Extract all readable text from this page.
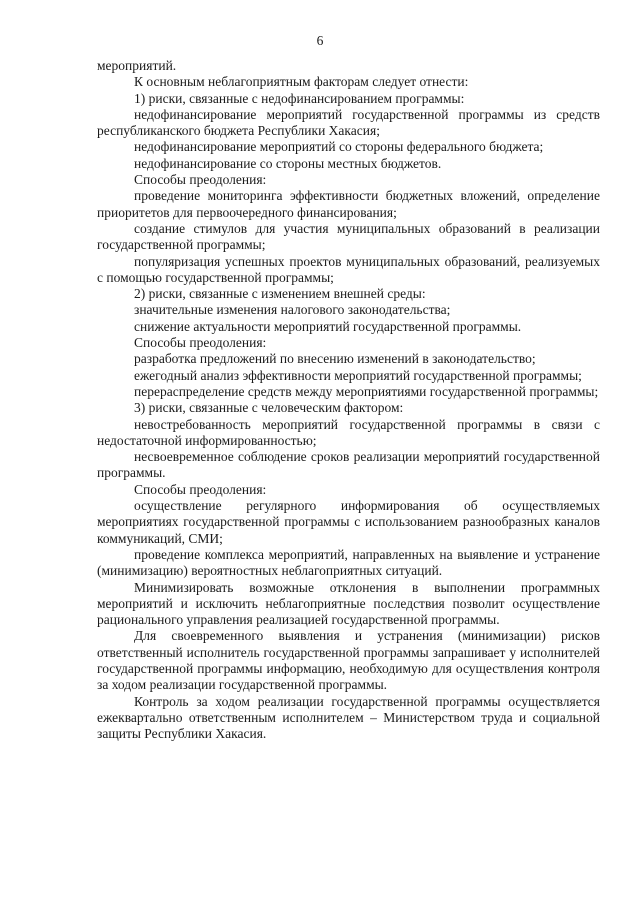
6

мероприятий.

К основным неблагоприятным факторам следует отнести:

1) риски, связанные с недофинансированием программы:

недофинансирование мероприятий государственной программы из средств республиканского бюджета Республики Хакасия;

недофинансирование мероприятий со стороны федерального бюджета;

недофинансирование со стороны местных бюджетов.

Способы преодоления:

проведение мониторинга эффективности бюджетных вложений, определение приоритетов для первоочередного финансирования;

создание стимулов для участия муниципальных образований в реализации государственной программы;

популяризация успешных проектов муниципальных образований, реализуемых с помощью государственной программы;

2) риски, связанные с изменением внешней среды:

значительные изменения налогового законодательства;

снижение актуальности мероприятий государственной программы.

Способы преодоления:

разработка предложений по внесению изменений в законодательство;

ежегодный анализ эффективности мероприятий государственной программы;

перераспределение средств между мероприятиями государственной программы;

3) риски, связанные с человеческим фактором:

невостребованность мероприятий государственной программы в связи с недостаточной информированностью;

несвоевременное соблюдение сроков реализации мероприятий государственной программы.

Способы преодоления:

осуществление регулярного информирования об осуществляемых мероприятиях государственной программы с использованием разнообразных каналов коммуникаций, СМИ;

проведение комплекса мероприятий, направленных на выявление и устранение (минимизацию) вероятностных неблагоприятных ситуаций.

Минимизировать возможные отклонения в выполнении программных мероприятий и исключить неблагоприятные последствия позволит осуществление рационального управления реализацией государственной программы.

Для своевременного выявления и устранения (минимизации) рисков ответственный исполнитель государственной программы запрашивает у исполнителей государственной программы информацию, необходимую для осуществления контроля за ходом реализации государственной программы.

Контроль за ходом реализации государственной программы осуществляется ежеквартально ответственным исполнителем – Министерством труда и социальной защиты Республики Хакасия.
